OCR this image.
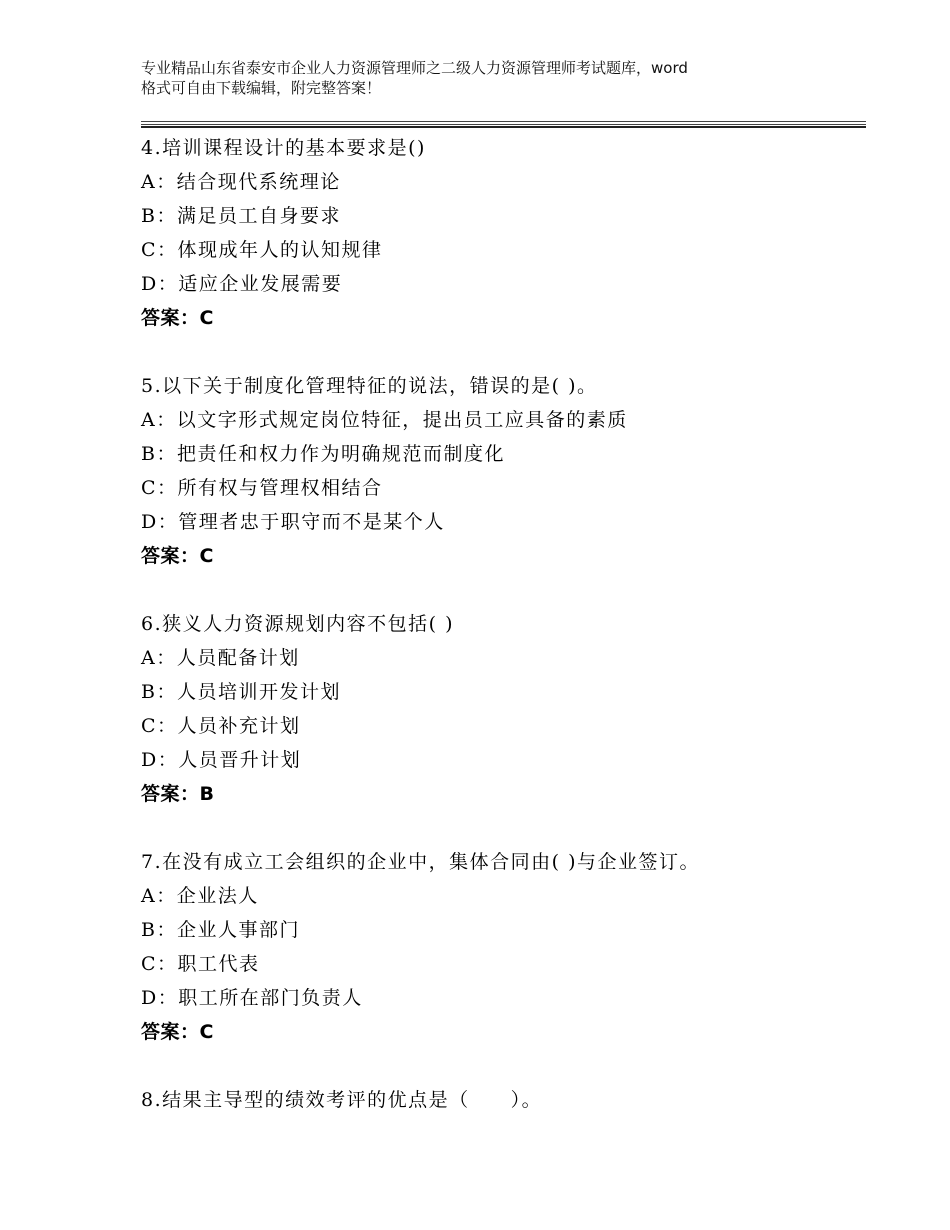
专业精品山东省泰安市企业人力资源管理师之二级人力资源管理师考试题库，word
格式可自由下载编辑，附完整答案！
4.培训课程设计的基本要求是()
A：结合现代系统理论
B：满足员工自身要求
C：体现成年人的认知规律
D：适应企业发展需要
答案：C
5.以下关于制度化管理特征的说法，错误的是( )。
A：以文字形式规定岗位特征，提出员工应具备的素质
B：把责任和权力作为明确规范而制度化
C：所有权与管理权相结合
D：管理者忠于职守而不是某个人
答案：C
6.狭义人力资源规划内容不包括( )
A：人员配备计划
B：人员培训开发计划
C：人员补充计划
D：人员晋升计划
答案：B
7.在没有成立工会组织的企业中，集体合同由( )与企业签订。
A：企业法人
B：企业人事部门
C：职工代表
D：职工所在部门负责人
答案：C
8.结果主导型的绩效考评的优点是（　　）。
